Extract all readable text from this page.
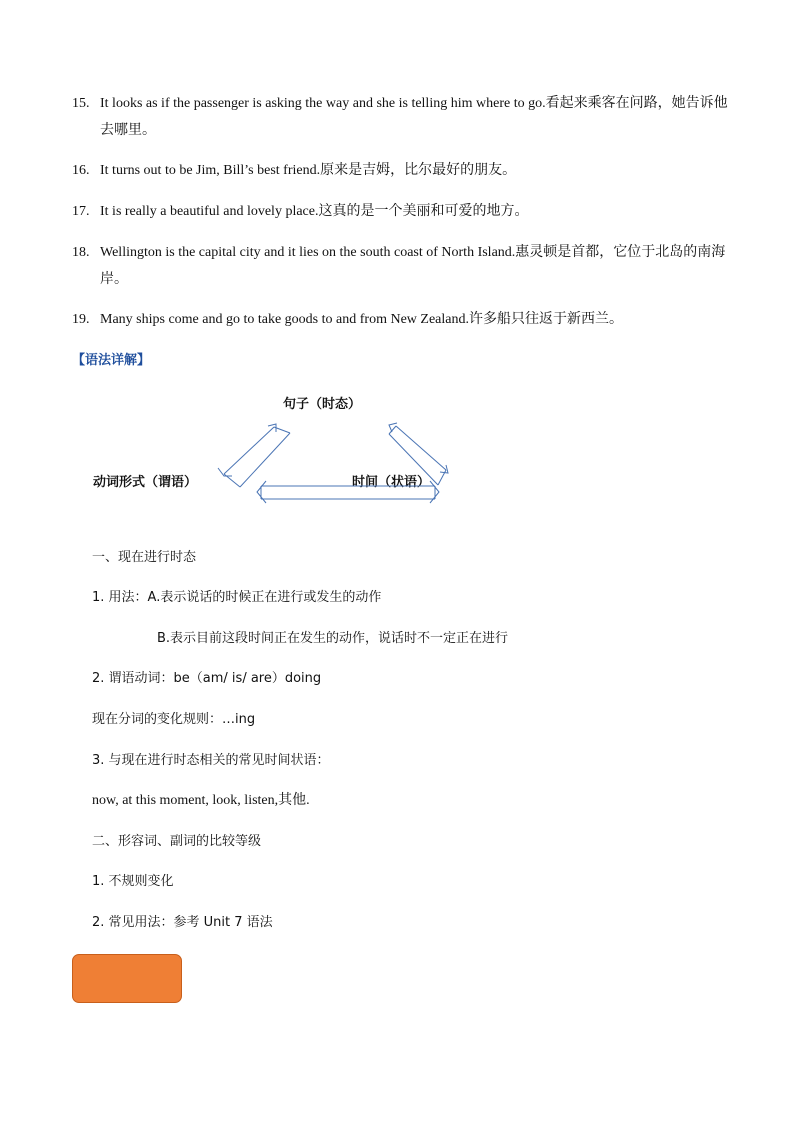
15. It looks as if the passenger is asking the way and she is telling him where to go.看起来乘客在问路，她告诉他
去哪里。
16. It turns out to be Jim, Bill’s best friend.原来是吉姆，比尔最好的朋友。
17. It is really a beautiful and lovely place.这真的是一个美丽和可爱的地方。
18. Wellington is the capital city and it lies on the south coast of North Island.惠灵顿是首都，它位于北岛的南海
岸。
19. Many ships come and go to take goods to and from New Zealand.许多船只往返于新西兰。
【语法详解】
句子（时态）
动词形式（谓语）	时间（状语）
一、现在进行时态
1. 用法：A.表示说话的时候正在进行或发生的动作
B.表示目前这段时间正在发生的动作，说话时不一定正在进行
2. 谓语动词：be（am/ is/ are）doing
现在分词的变化规则：…ing
3. 与现在进行时态相关的常见时间状语：
now, at this moment, look, listen,其他.
二、形容词、副词的比较等级
1. 不规则变化
2. 常见用法：参考 Unit 7 语法
